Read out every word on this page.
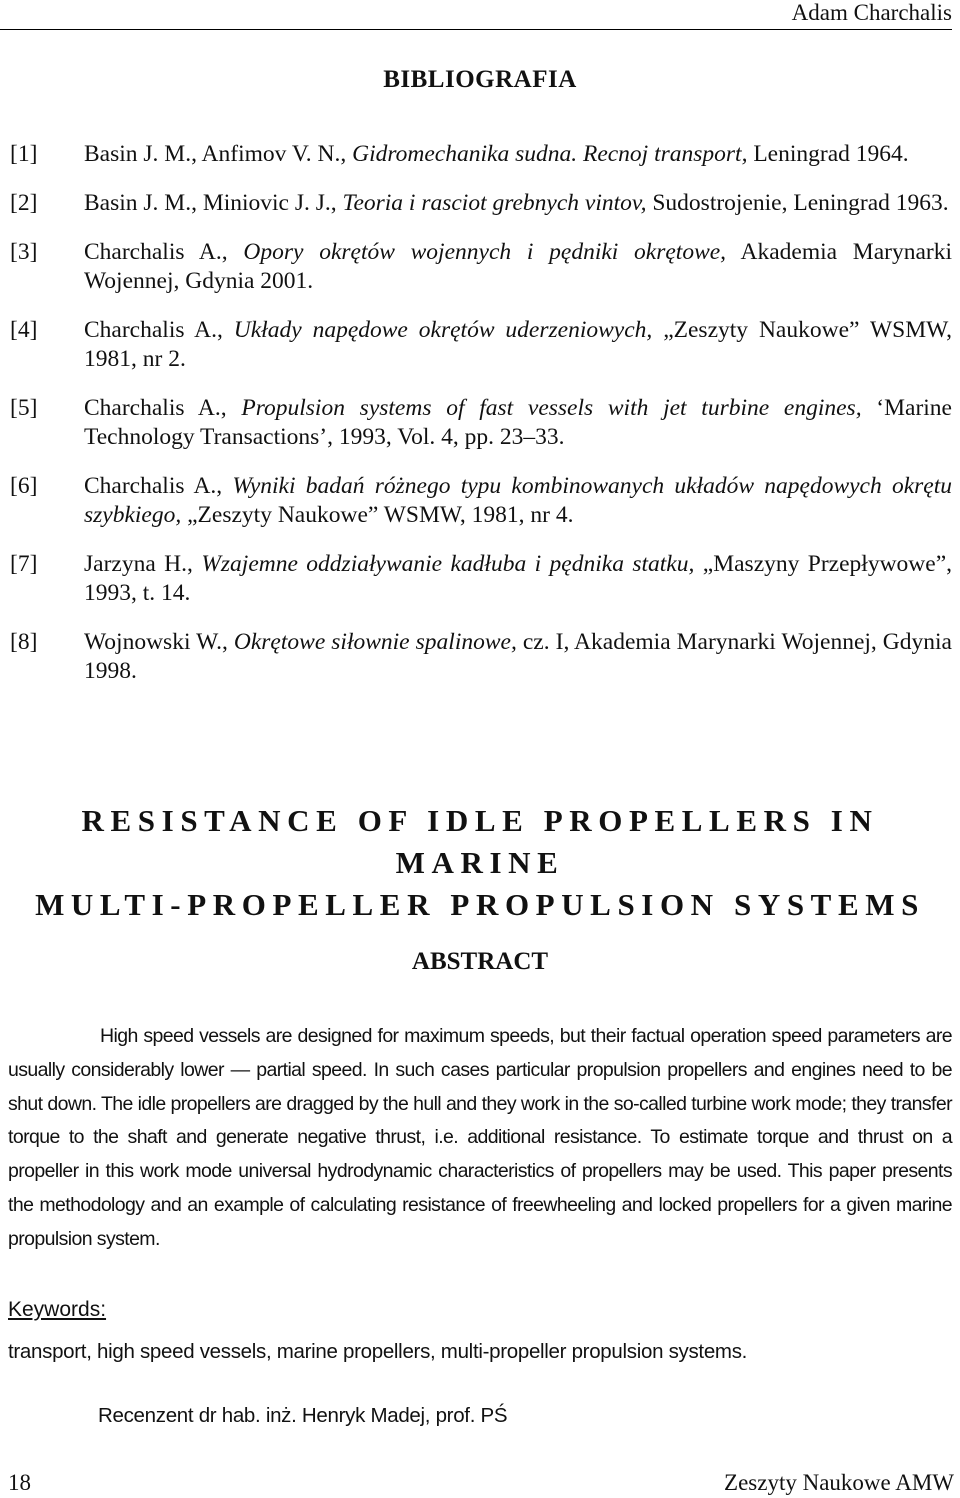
Adam Charchalis
BIBLIOGRAFIA
[1] Basin J. M., Anfimov V. N., Gidromechanika sudna. Recnoj transport, Leningrad 1964.
[2] Basin J. M., Miniovic J. J., Teoria i rasciot grebnych vintov, Sudostrojenie, Leningrad 1963.
[3] Charchalis A., Opory okrętów wojennych i pędniki okrętowe, Akademia Marynarki Wojennej, Gdynia 2001.
[4] Charchalis A., Układy napędowe okrętów uderzeniowych, „Zeszyty Naukowe” WSMW, 1981, nr 2.
[5] Charchalis A., Propulsion systems of fast vessels with jet turbine engines, ‘Marine Technology Transactions’, 1993, Vol. 4, pp. 23–33.
[6] Charchalis A., Wyniki badań różnego typu kombinowanych układów napędowych okrętu szybkiego, „Zeszyty Naukowe” WSMW, 1981, nr 4.
[7] Jarzyna H., Wzajemne oddziaływanie kadłuba i pędnika statku, „Maszyny Przepływowe”, 1993, t. 14.
[8] Wojnowski W., Okrętowe siłownie spalinowe, cz. I, Akademia Marynarki Wojennej, Gdynia 1998.
RESISTANCE OF IDLE PROPELLERS IN MARINE
MULTI-PROPELLER PROPULSION SYSTEMS
ABSTRACT
High speed vessels are designed for maximum speeds, but their factual operation speed parameters are usually considerably lower — partial speed. In such cases particular propulsion propellers and engines need to be shut down. The idle propellers are dragged by the hull and they work in the so-called turbine work mode; they transfer torque to the shaft and generate negative thrust, i.e. additional resistance. To estimate torque and thrust on a propeller in this work mode universal hydrodynamic characteristics of propellers may be used. This paper presents the methodology and an example of calculating resistance of freewheeling and locked propellers for a given marine propulsion system.
Keywords:
transport, high speed vessels, marine propellers, multi-propeller propulsion systems.
Recenzent dr hab. inż. Henryk Madej, prof. PŚ
18	Zeszyty Naukowe AMW
